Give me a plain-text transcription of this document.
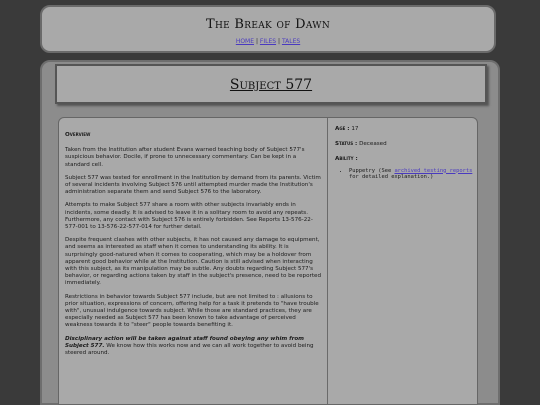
The Break of Dawn
HOME | FILES | TALES
Subject 577
Overview

Taken from the Institution after student Evans warned teaching body of Subject 577's suspicious behavior. Docile, if prone to unnecessary commentary. Can be kept in a standard cell.

Subject 577 was tested for enrollment in the Institution by demand from its parents. Victim of several incidents involving Subject 576 until attempted murder made the Institution's administration separate them and send Subject 576 to the laboratory.

Attempts to make Subject 577 share a room with other subjects invariably ends in incidents, some deadly. It is advised to leave it in a solitary room to avoid any repeats. Furthermore, any contact with Subject 576 is entirely forbidden. See Reports 13-576-22-577-001 to 13-576-22-577-014 for further detail.

Despite frequent clashes with other subjects, it has not caused any damage to equipment, and seems as interested as staff when it comes to understanding its ability. It is surprisingly good-natured when it comes to cooperating, which may be a holdover from apparent good behavior while at the Institution. Caution is still advised when interacting with this subject, as its manipulation may be subtle. Any doubts regarding Subject 577's behavior, or regarding actions taken by staff in the subject's presence, need to be reported immediately.

Restrictions in behavior towards Subject 577 include, but are not limited to : allusions to prior situation, expressions of concern, offering help for a task it pretends to "have trouble with", unusual indulgence towards subject. While those are standard practices, they are especially needed as Subject 577 has been known to take advantage of perceived weakness towards it to "steer" people towards benefiting it.

Disciplinary action will be taken against staff found obeying any whim from Subject 577. We know how this works now and we can all work together to avoid being steered around.

Age : 17
Status : Deceased
Ability :
• Puppetry (See archived testing reports for detailed explanation.)
